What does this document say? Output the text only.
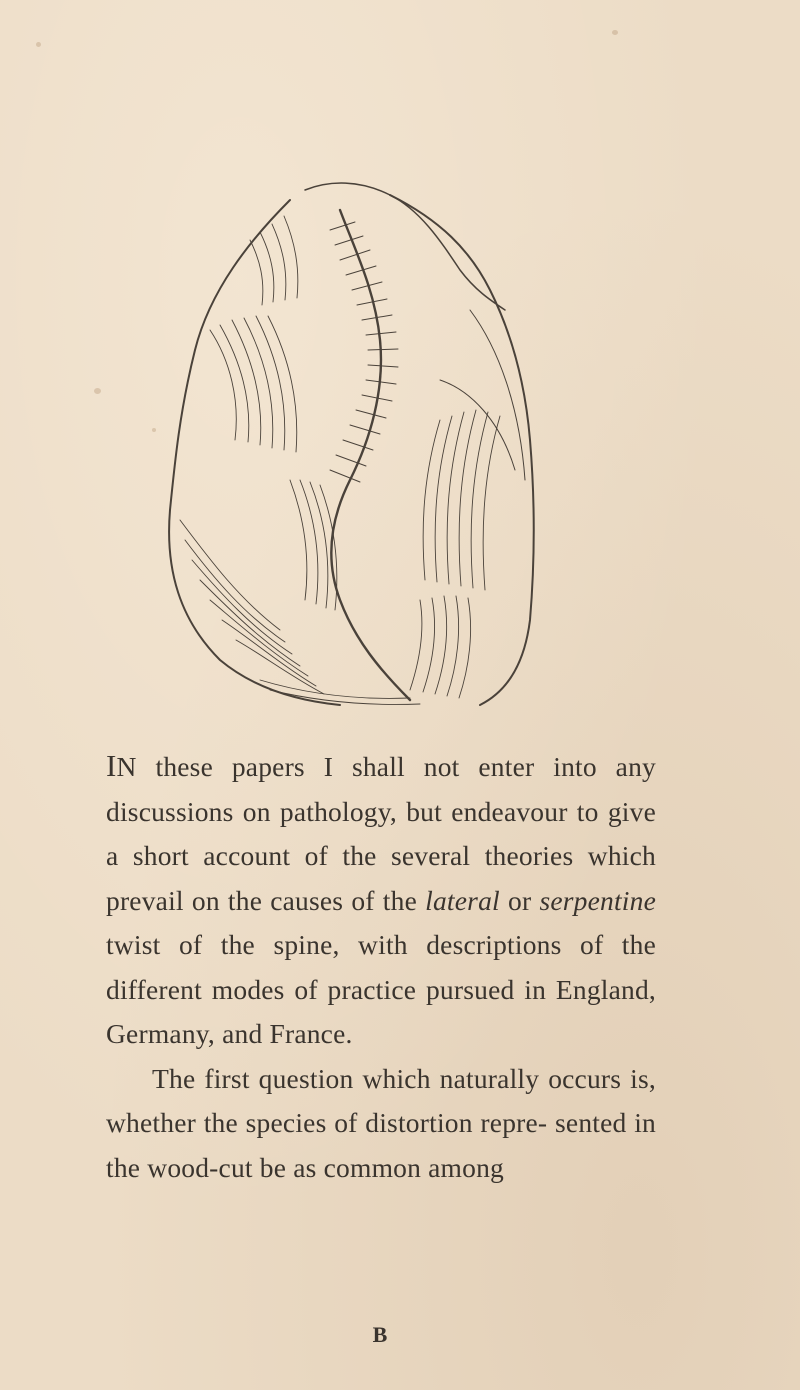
IN these papers I shall not enter into any discussions on pathology, but endeavour to give a short account of the several theories which prevail on the causes of the lateral or serpentine twist of the spine, with descriptions of the different modes of practice pursued in England, Germany, and France.

The first question which naturally occurs is, whether the species of distortion repre- sented in the wood-cut be as common among

B
